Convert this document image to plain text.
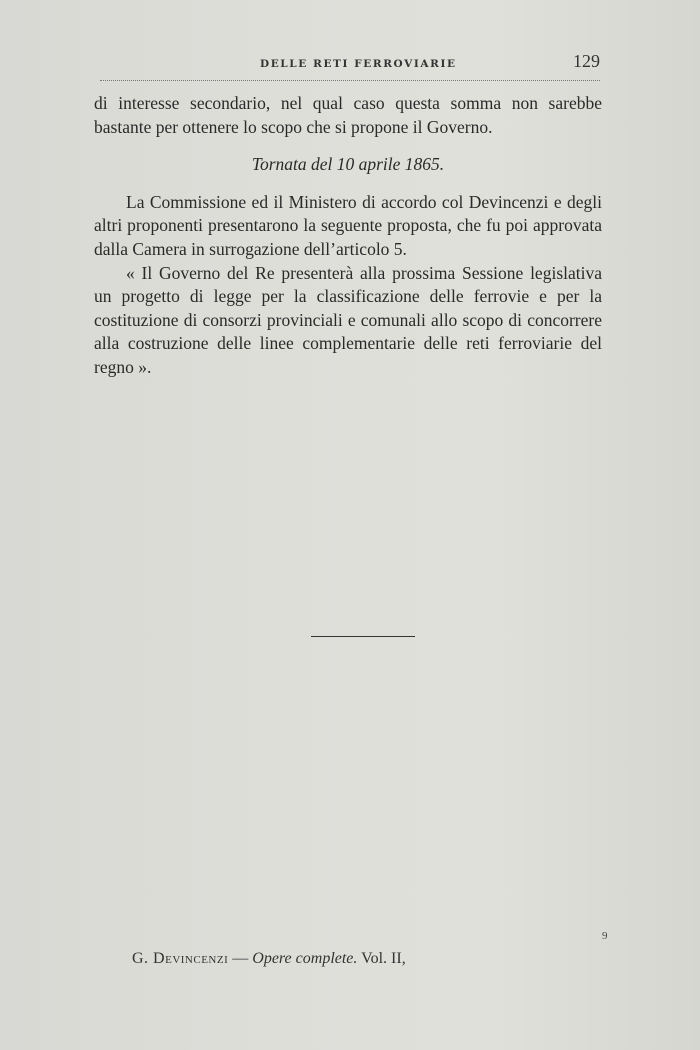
DELLE RETI FERROVIARIE	129

di interesse secondario, nel qual caso questa somma non sarebbe bastante per ottenere lo scopo che si propone il Governo.

Tornata del 10 aprile 1865.

La Commissione ed il Ministero di accordo col Devincenzi e degli altri proponenti presentarono la seguente proposta, che fu poi approvata dalla Camera in surrogazione dell’articolo 5.

« Il Governo del Re presenterà alla prossima Sessione legislativa un progetto di legge per la classificazione delle ferrovie e per la costituzione di consorzi provinciali e comunali allo scopo di concorrere alla costruzione delle linee complementarie delle reti ferroviarie del regno ».

9
G. Devincenzi — Opere complete. Vol. II,
